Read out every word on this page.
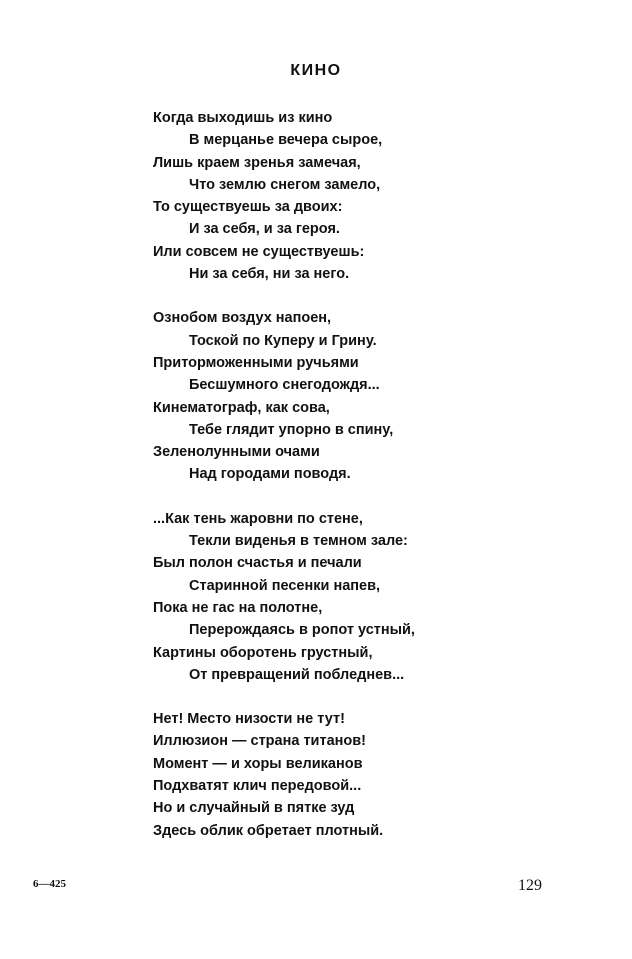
КИНО
Когда выходишь из кино
В мерцанье вечера сырое,
Лишь краем зренья замечая,
Что землю снегом замело,
То существуешь за двоих:
И за себя, и за героя.
Или совсем не существуешь:
Ни за себя, ни за него.
Ознобом воздух напоен,
Тоской по Куперу и Грину.
Приторможенными ручьями
Бесшумного снегодождя...
Кинематограф, как сова,
Тебе глядит упорно в спину,
Зеленолунными очами
Над городами поводя.
...Как тень жаровни по стене,
Текли виденья в темном зале:
Был полон счастья и печали
Старинной песенки напев,
Пока не гас на полотне,
Перерождаясь в ропот устный,
Картины оборотень грустный,
От превращений побледнев...
Нет! Место низости не тут!
Иллюзион — страна титанов!
Момент — и хоры великанов
Подхватят клич передовой...
Но и случайный в пятке зуд
Здесь облик обретает плотный.
6—425	129
